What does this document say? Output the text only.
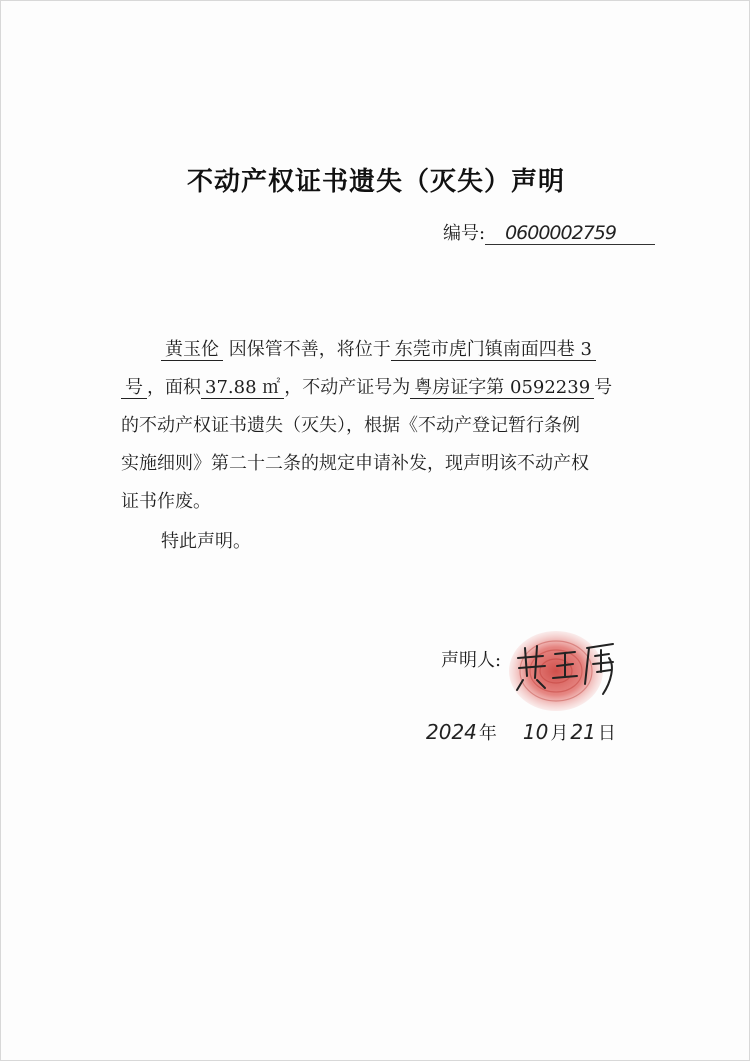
不动产权证书遗失（灭失）声明
编号:	0600002759
黄玉伦 因保管不善，将位于 东莞市虎门镇南面四巷 3
号 ，面积 37.88 ㎡ ，不动产证号为 粤房证字第 0592239 号
的不动产权证书遗失（灭失），根据《不动产登记暂行条例
实施细则》第二十二条的规定申请补发，现声明该不动产权
证书作废。
特此声明。
声明人:
2024 年 10 月 21 日
